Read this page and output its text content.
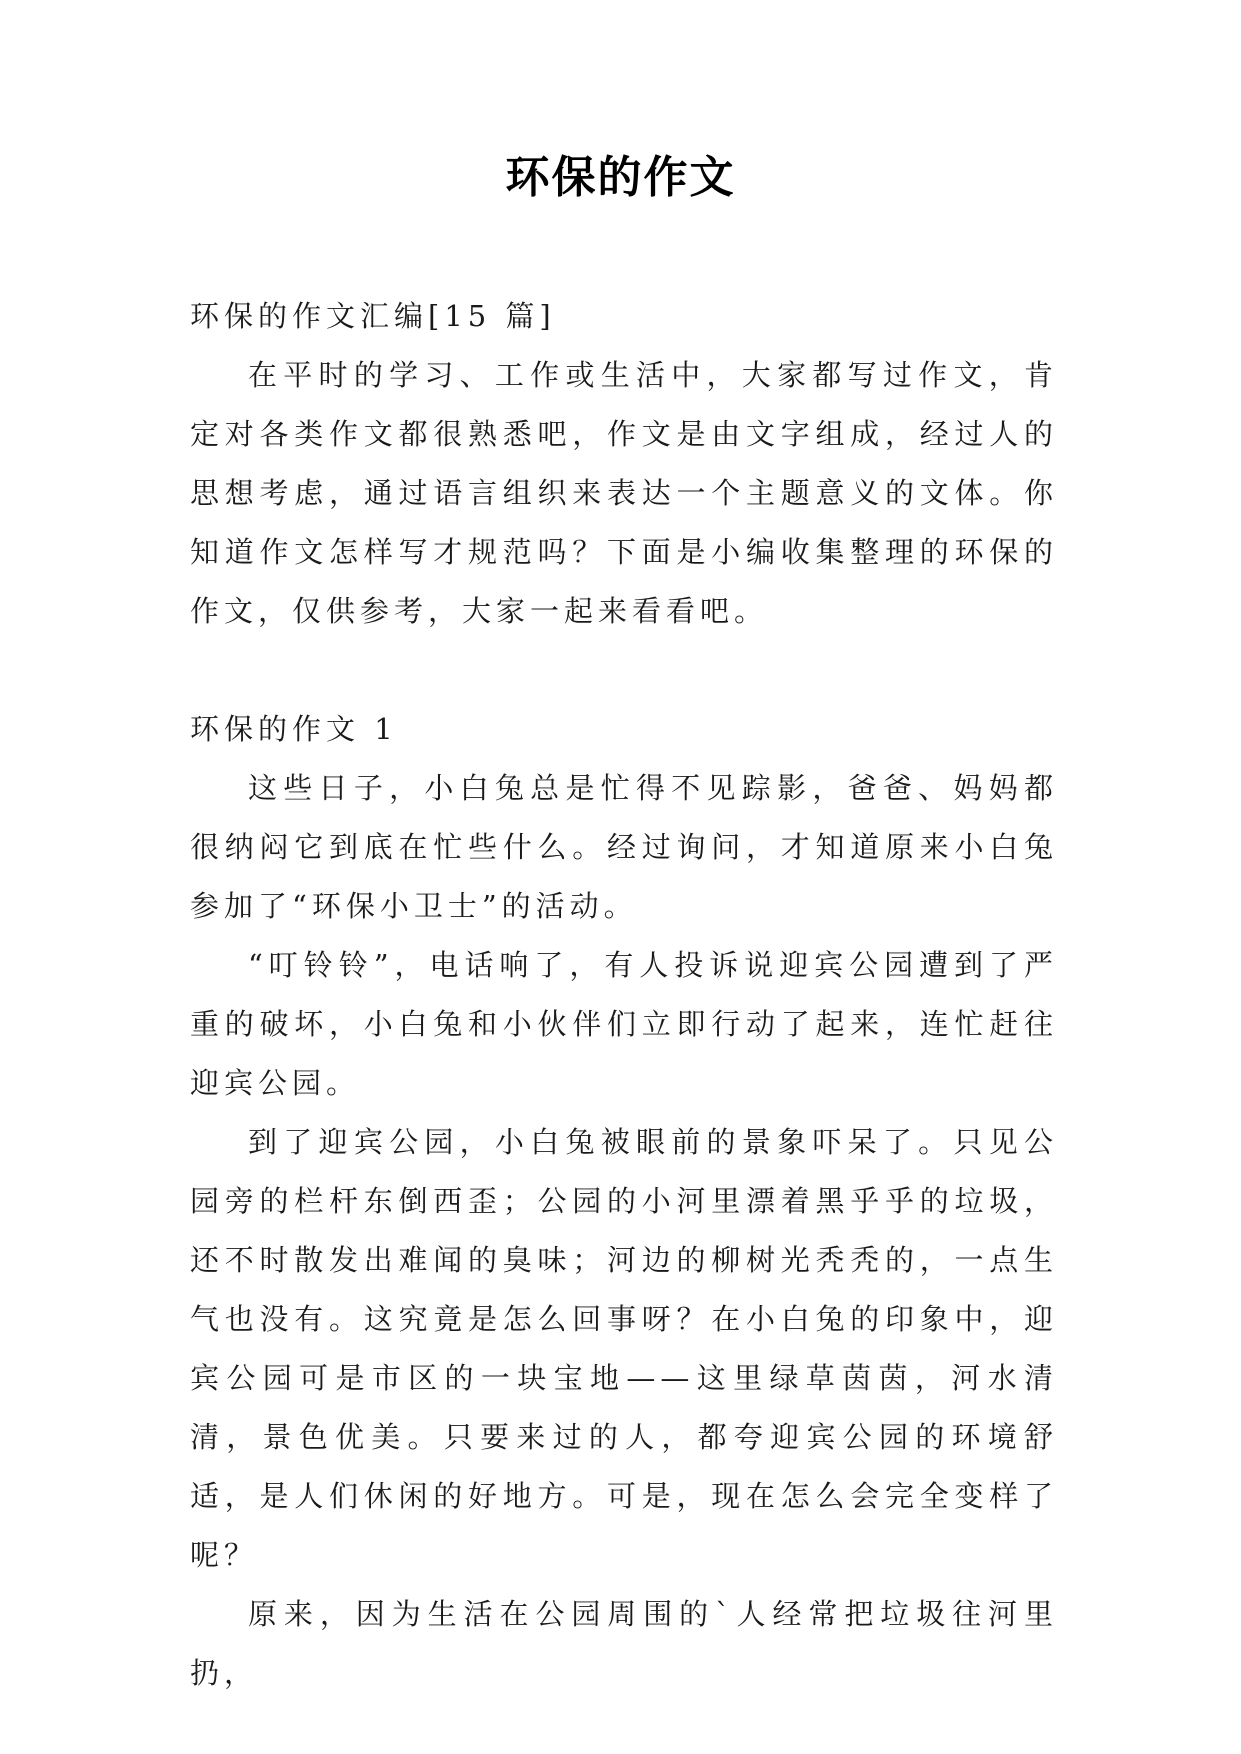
环保的作文

环保的作文汇编[15 篇]

在平时的学习、工作或生活中，大家都写过作文，肯定对各类作文都很熟悉吧，作文是由文字组成，经过人的思想考虑，通过语言组织来表达一个主题意义的文体。你知道作文怎样写才规范吗？下面是小编收集整理的环保的作文，仅供参考，大家一起来看看吧。

环保的作文 1

这些日子，小白兔总是忙得不见踪影，爸爸、妈妈都很纳闷它到底在忙些什么。经过询问，才知道原来小白兔参加了“环保小卫士”的活动。

“叮铃铃”，电话响了，有人投诉说迎宾公园遭到了严重的破坏，小白兔和小伙伴们立即行动了起来，连忙赶往迎宾公园。

到了迎宾公园，小白兔被眼前的景象吓呆了。只见公园旁的栏杆东倒西歪；公园的小河里漂着黑乎乎的垃圾，还不时散发出难闻的臭味；河边的柳树光秃秃的，一点生气也没有。这究竟是怎么回事呀？在小白兔的印象中，迎宾公园可是市区的一块宝地——这里绿草茵茵，河水清清，景色优美。只要来过的人，都夸迎宾公园的环境舒适，是人们休闲的好地方。可是，现在怎么会完全变样了呢？

原来，因为生活在公园周围的`人经常把垃圾往河里扔，
